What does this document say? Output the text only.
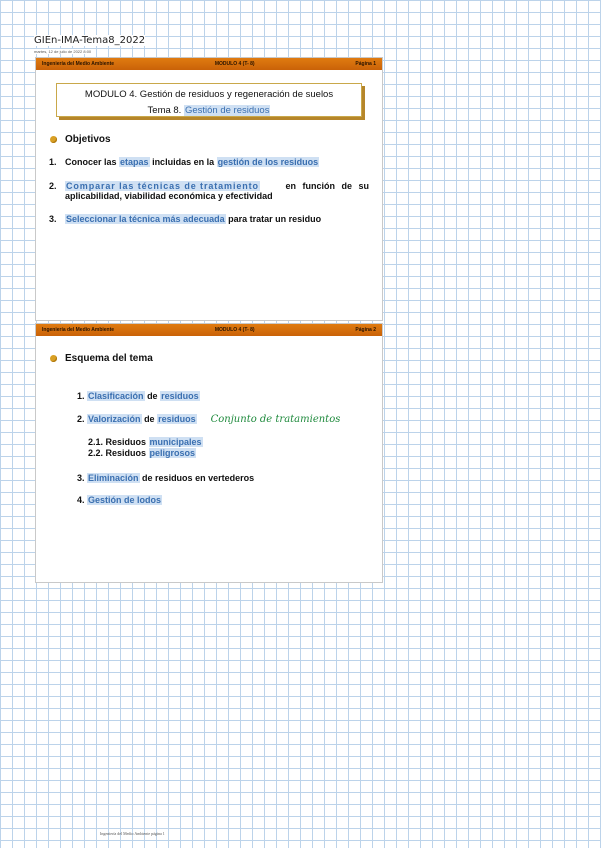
GIEn-IMA-Tema8_2022
martes, 12 de julio de 2022 8:00
Ingeniería del Medio Ambiente	MODULO 4 (T- 8)	Página 1
MODULO 4. Gestión de residuos y regeneración de suelos
Tema 8. Gestión de residuos
Objetivos
1. Conocer las etapas incluidas en la gestión de los residuos
2.	Comparar las técnicas de tratamiento	en función de su
aplicabilidad, viabilidad económica y efectividad
3. Seleccionar la técnica más adecuada para tratar un residuo
Ingeniería del Medio Ambiente	MODULO 4 (T- 8)	Página 2
Esquema del tema
1. Clasificación de residuos
2. Valorización de residuos Conjunto de tratamientos
2.1. Residuos municipales
2.2. Residuos peligrosos
3. Eliminación de residuos en vertederos
4. Gestión de lodos
Ingeniería del Medio Ambiente página 1
